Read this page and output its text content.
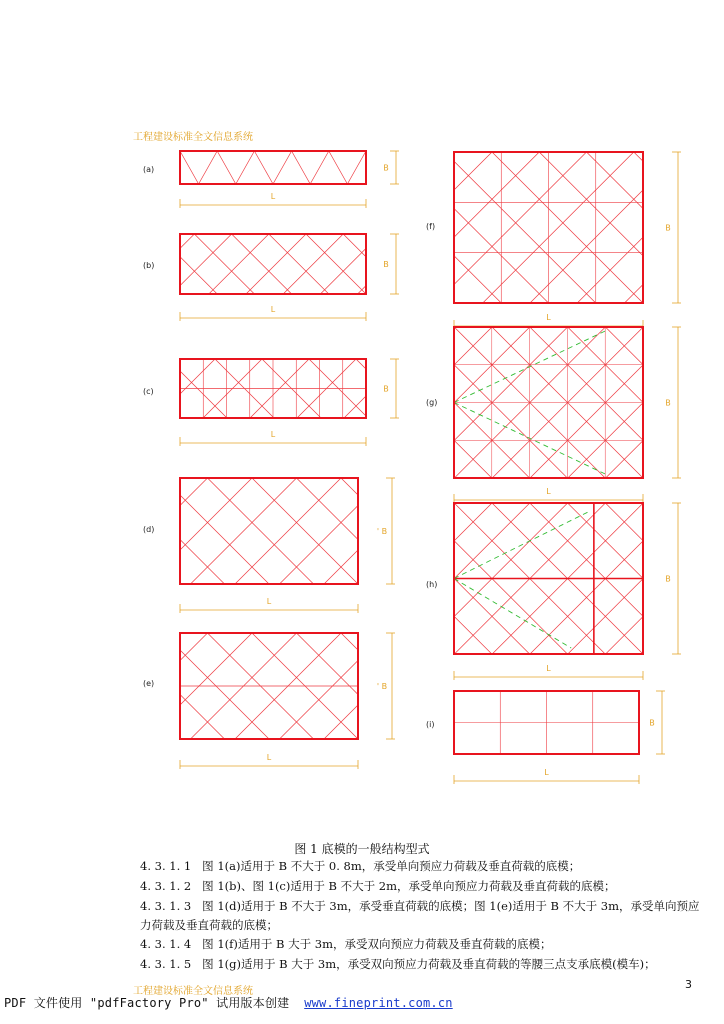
工程建设标准全文信息系统
L
B
(a)
L
B
(b)
L
B
(c)
L
' B
(d)
L
' B
(e)
L
B
(f)
L
B
(g)
L
B
(h)
L
B
(i)
图 1 底模的一般结构型式
4. 3. 1. 1 图 1(a)适用于 B 不大于 0. 8m，承受单向预应力荷载及垂直荷载的底模；
4. 3. 1. 2 图 1(b)、图 1(c)适用于 B 不大于 2m，承受单向预应力荷载及垂直荷载的底模；
4. 3. 1. 3 图 1(d)适用于 B 不大于 3m，承受垂直荷载的底模；图 1(e)适用于 B 不大于 3m，承受单向预应力荷载及垂直荷载的底模；
4. 3. 1. 4 图 1(f)适用于 B 大于 3m，承受双向预应力荷载及垂直荷载的底模；
4. 3. 1. 5 图 1(g)适用于 B 大于 3m，承受双向预应力荷载及垂直荷载的等腰三点支承底模(模车)；
工程建设标准全文信息系统
3
PDF 文件使用 "pdfFactory Pro" 试用版本创建 www.fineprint.com.cn
